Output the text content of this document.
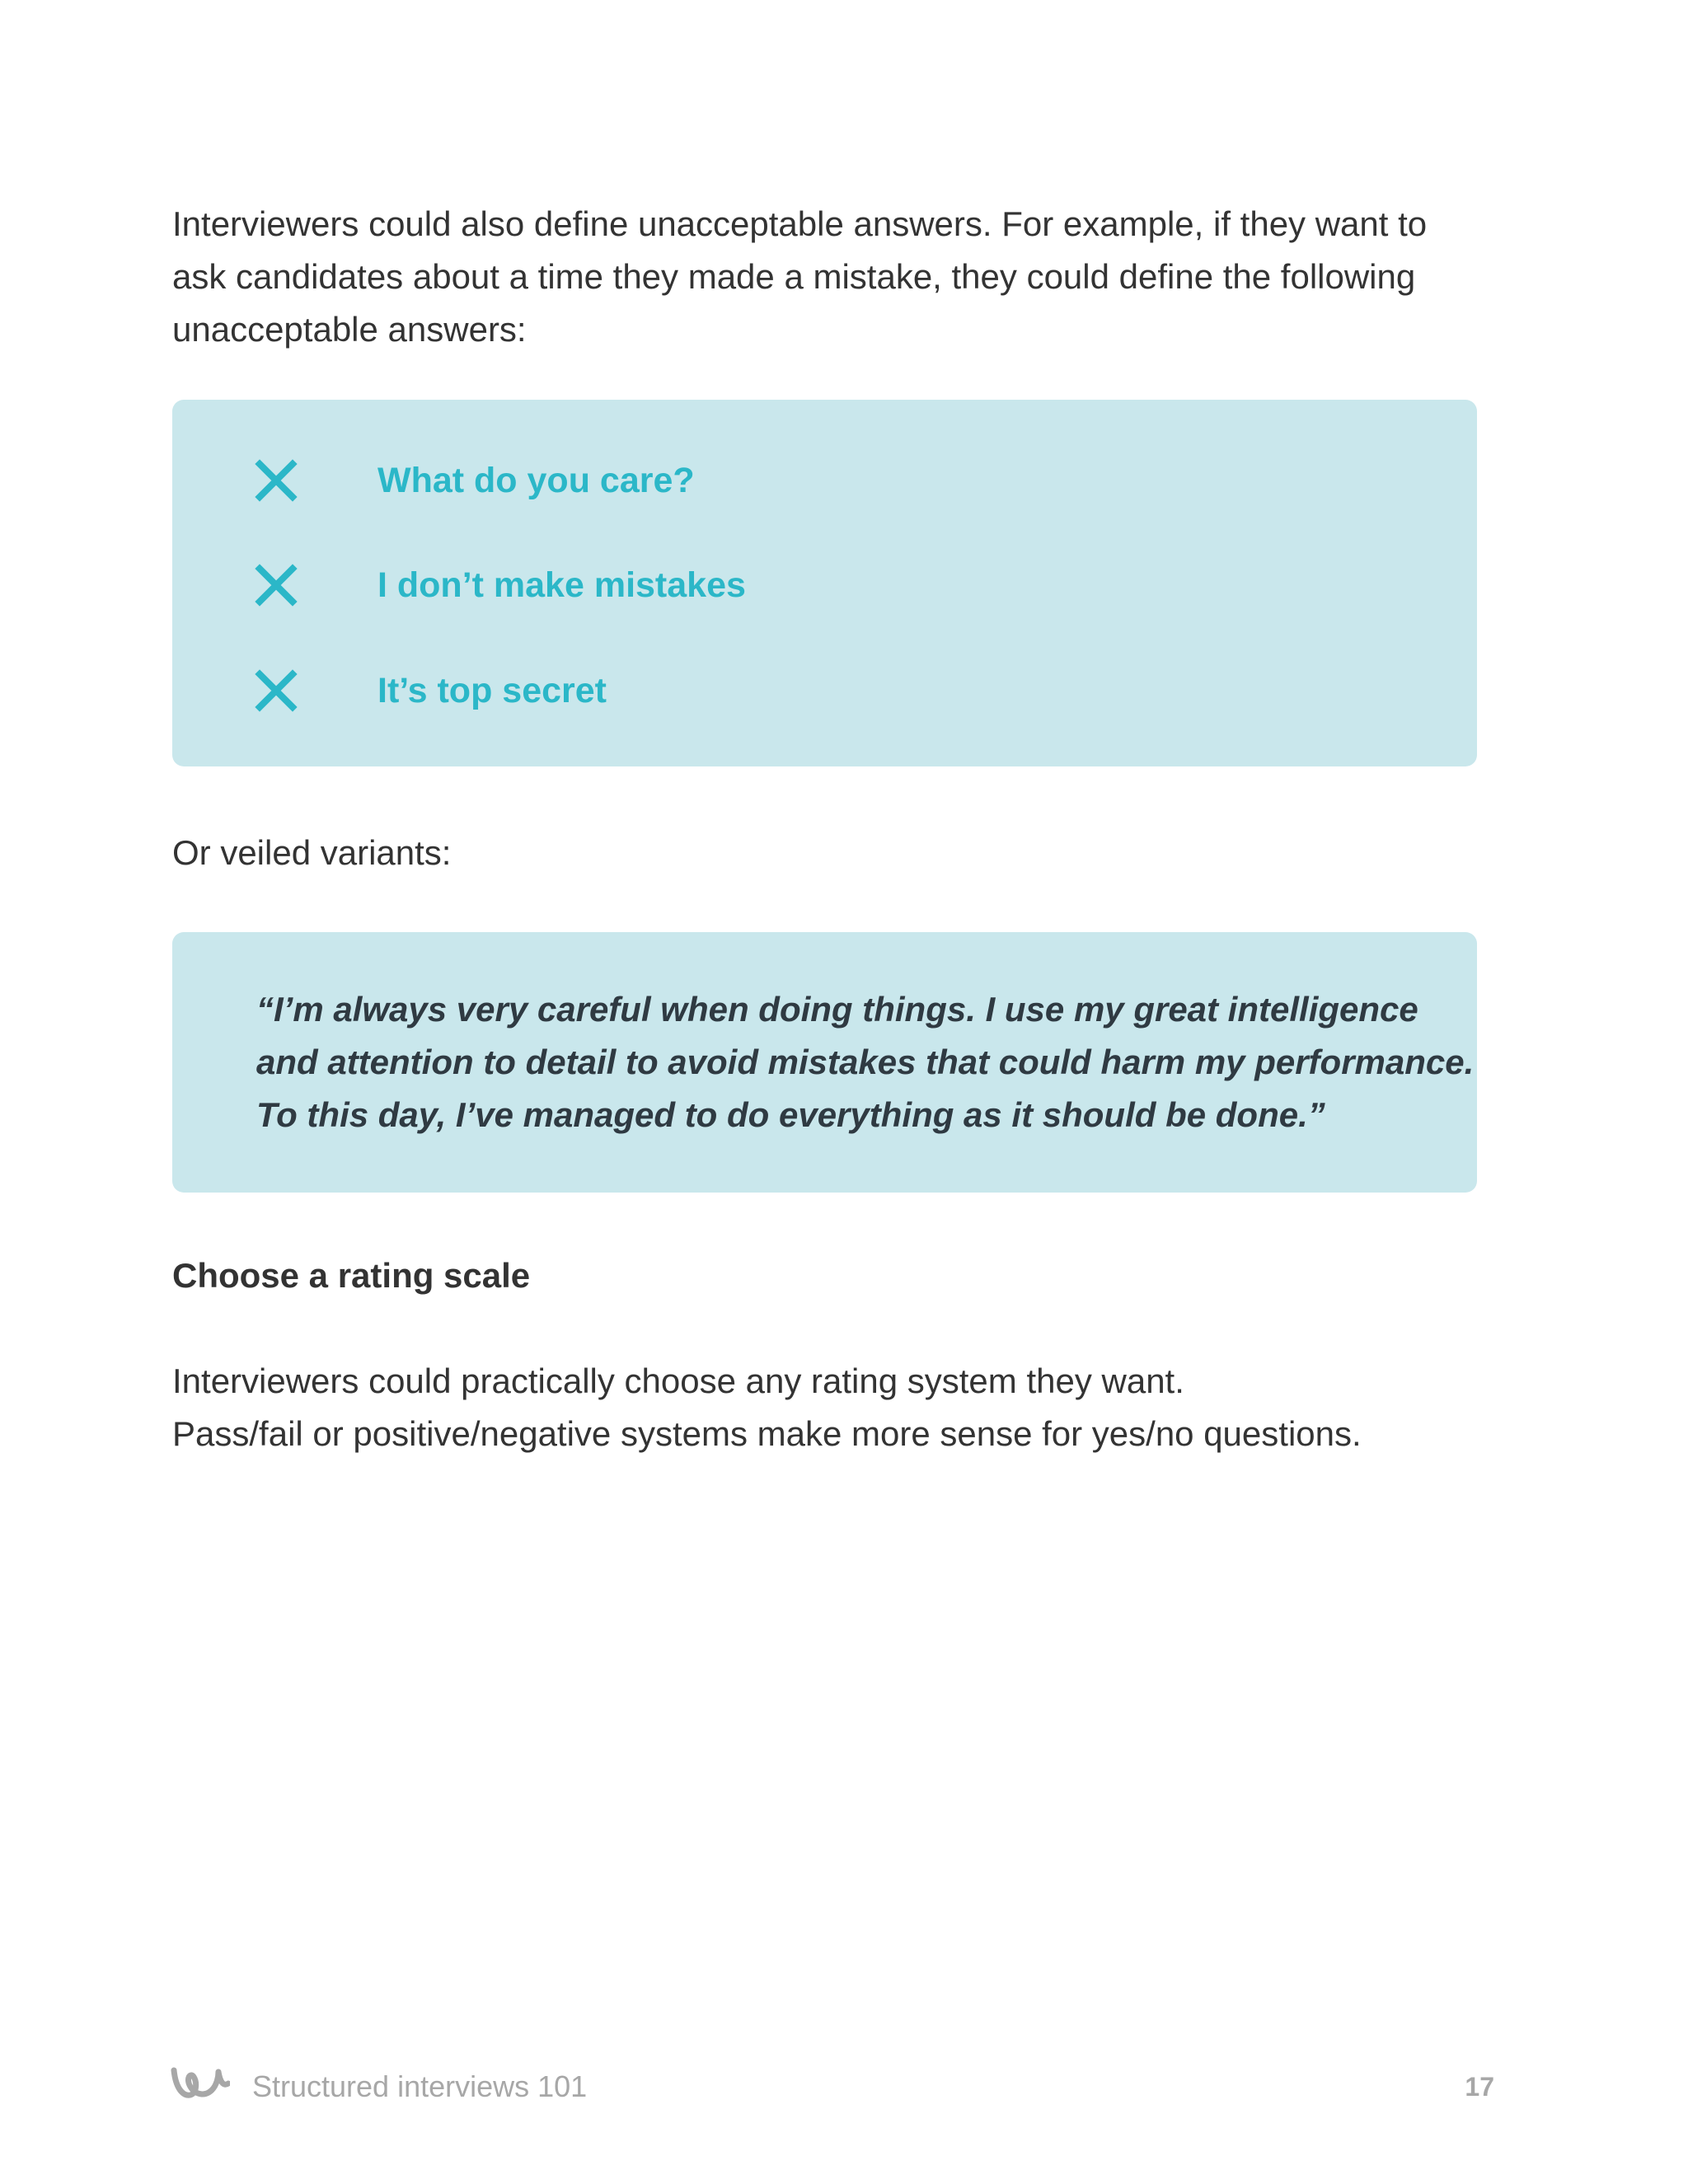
Interviewers could also define unacceptable answers. For example, if they want to
ask candidates about a time they made a mistake, they could define the following
unacceptable answers:

What do you care?
I don’t make mistakes
It’s top secret

Or veiled variants:

“I’m always very careful when doing things. I use my great intelligence
and attention to detail to avoid mistakes that could harm my performance.
To this day, I’ve managed to do everything as it should be done.”
Choose a rating scale

Interviewers could practically choose any rating system they want.
Pass/fail or positive/negative systems make more sense for yes/no questions.

Structured interviews 101	17
